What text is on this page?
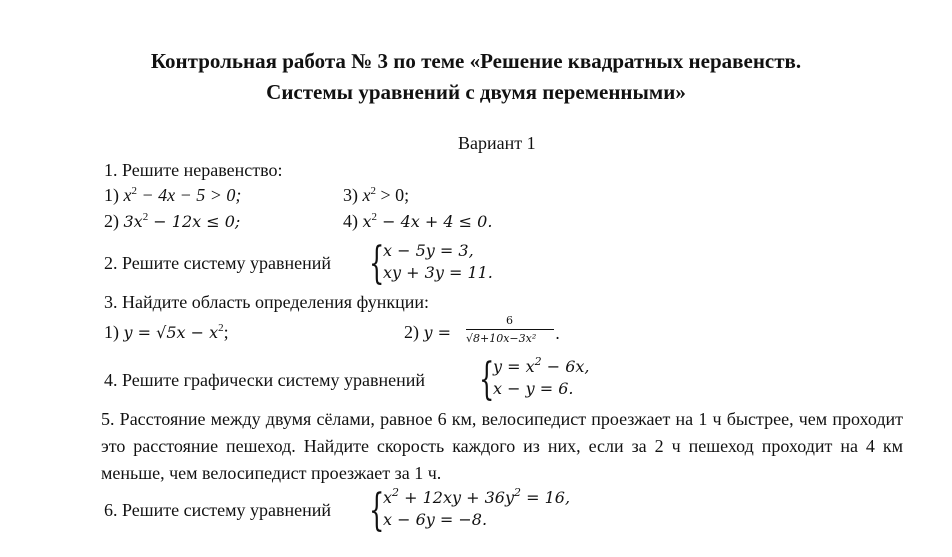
Контрольная работа № 3 по теме «Решение квадратных неравенств.
Системы уравнений с двумя переменными»
Вариант 1
1. Решите неравенство:
1) $x^2 - 4x - 5 > 0$;	3) $x^2 > 0$;
2) $3x^2 - 12x \le 0$;	4) $x^2 - 4x + 4 \le 0$.
2. Решите систему уравнений {
x − 5y = 3,
xy + 3y = 11.
3. Найдите область определения функции:
1) $y = √5x - x^2$;	2) y =
6
√8+10x−3x² .
4. Решите графически систему уравнений {
$y = x^2 - 6x$,
x − y = 6.
5. Расстояние между двумя сёлами, равное 6 км, велосипедист проезжает на 1 ч быстрее, чем проходит это расстояние пешеход. Найдите скорость каждого из них, если за 2 ч пешеход проходит на 4 км меньше, чем велосипедист проезжает за 1 ч.
6. Решите систему уравнений {
$x^2 + 12xy + 36y^2 = 16$,
x − 6y = −8.
